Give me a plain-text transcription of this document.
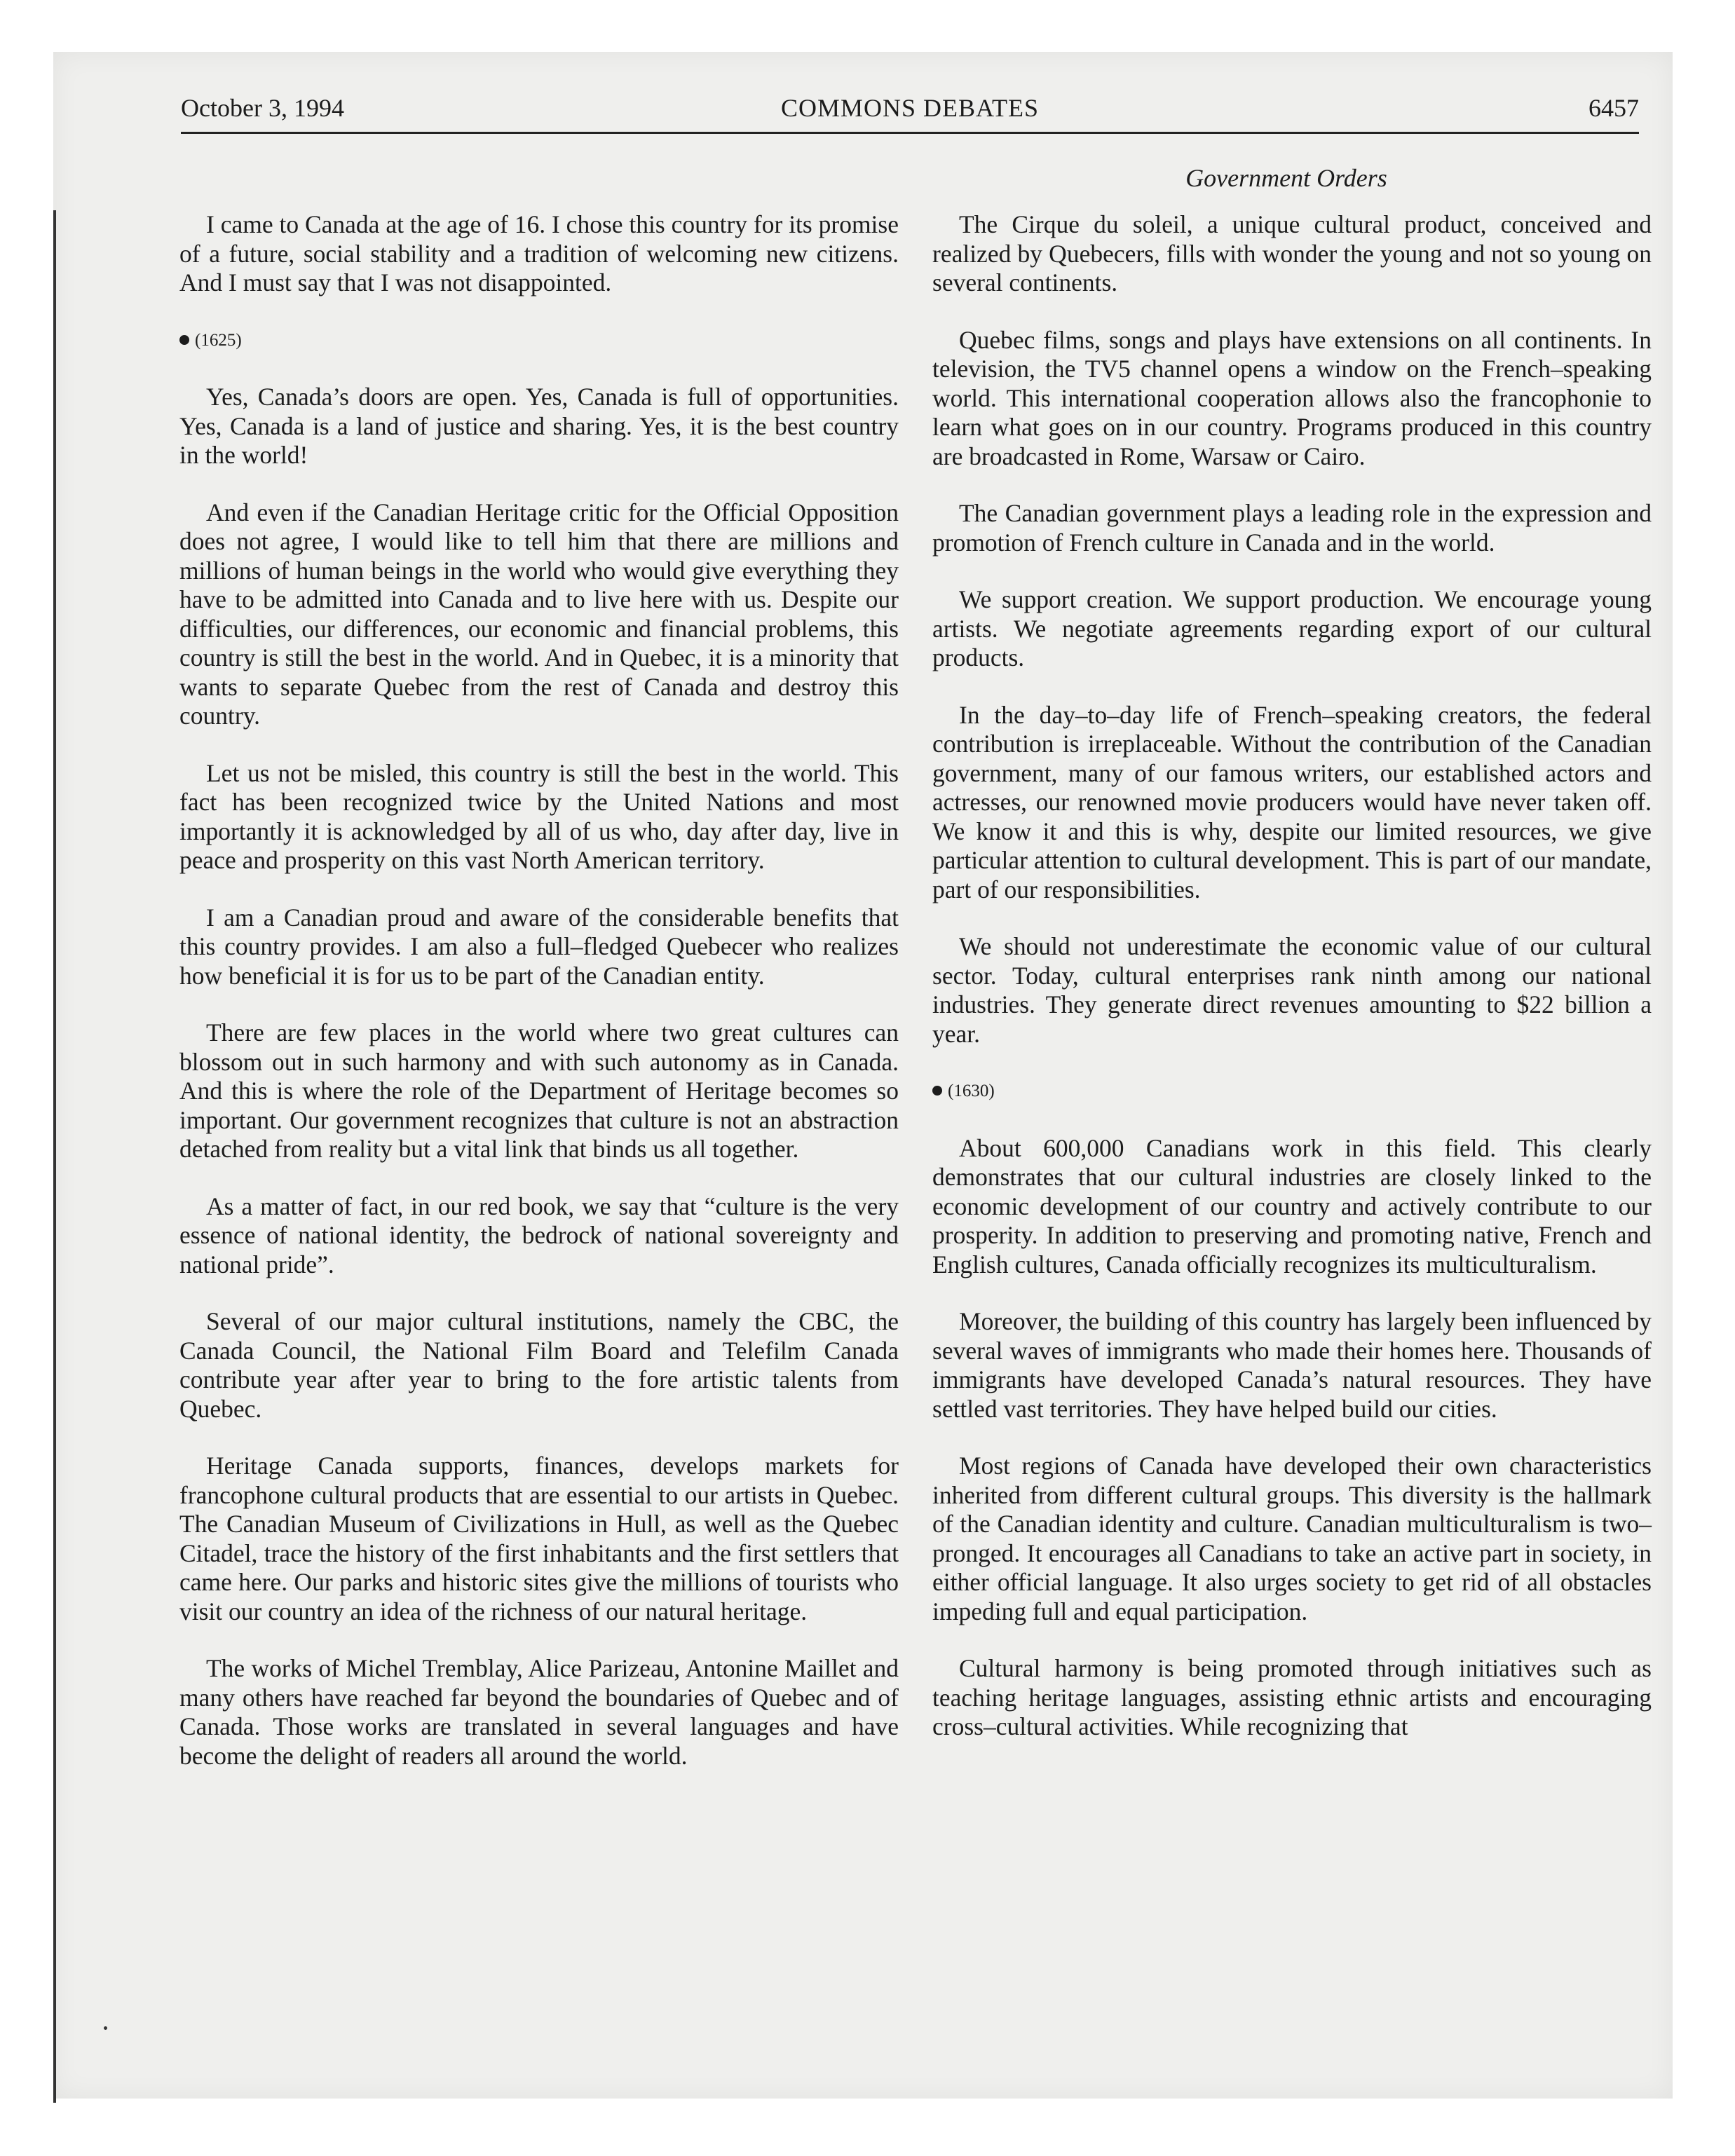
October 3, 1994	COMMONS DEBATES	6457
Government Orders

I came to Canada at the age of 16. I chose this country for its promise of a future, social stability and a tradition of welcoming new citizens. And I must say that I was not disappointed.

(1625)

Yes, Canada’s doors are open. Yes, Canada is full of opportunities. Yes, Canada is a land of justice and sharing. Yes, it is the best country in the world!

And even if the Canadian Heritage critic for the Official Opposition does not agree, I would like to tell him that there are millions and millions of human beings in the world who would give everything they have to be admitted into Canada and to live here with us. Despite our difficulties, our differences, our economic and financial problems, this country is still the best in the world. And in Quebec, it is a minority that wants to separate Quebec from the rest of Canada and destroy this country.

Let us not be misled, this country is still the best in the world. This fact has been recognized twice by the United Nations and most importantly it is acknowledged by all of us who, day after day, live in peace and prosperity on this vast North American territory.

I am a Canadian proud and aware of the considerable benefits that this country provides. I am also a full–fledged Quebecer who realizes how beneficial it is for us to be part of the Canadian entity.

There are few places in the world where two great cultures can blossom out in such harmony and with such autonomy as in Canada. And this is where the role of the Department of Heritage becomes so important. Our government recognizes that culture is not an abstraction detached from reality but a vital link that binds us all together.

As a matter of fact, in our red book, we say that “culture is the very essence of national identity, the bedrock of national sovereignty and national pride”.

Several of our major cultural institutions, namely the CBC, the Canada Council, the National Film Board and Telefilm Canada contribute year after year to bring to the fore artistic talents from Quebec.

Heritage Canada supports, finances, develops markets for francophone cultural products that are essential to our artists in Quebec. The Canadian Museum of Civilizations in Hull, as well as the Quebec Citadel, trace the history of the first inhabitants and the first settlers that came here. Our parks and historic sites give the millions of tourists who visit our country an idea of the richness of our natural heritage.

The works of Michel Tremblay, Alice Parizeau, Antonine Maillet and many others have reached far beyond the boundaries of Quebec and of Canada. Those works are translated in several languages and have become the delight of readers all around the world.

The Cirque du soleil, a unique cultural product, conceived and realized by Quebecers, fills with wonder the young and not so young on several continents.

Quebec films, songs and plays have extensions on all continents. In television, the TV5 channel opens a window on the French–speaking world. This international cooperation allows also the francophonie to learn what goes on in our country. Programs produced in this country are broadcasted in Rome, Warsaw or Cairo.

The Canadian government plays a leading role in the expression and promotion of French culture in Canada and in the world.

We support creation. We support production. We encourage young artists. We negotiate agreements regarding export of our cultural products.

In the day–to–day life of French–speaking creators, the federal contribution is irreplaceable. Without the contribution of the Canadian government, many of our famous writers, our established actors and actresses, our renowned movie producers would have never taken off. We know it and this is why, despite our limited resources, we give particular attention to cultural development. This is part of our mandate, part of our responsibilities.

We should not underestimate the economic value of our cultural sector. Today, cultural enterprises rank ninth among our national industries. They generate direct revenues amounting to $22 billion a year.

(1630)

About 600,000 Canadians work in this field. This clearly demonstrates that our cultural industries are closely linked to the economic development of our country and actively contribute to our prosperity. In addition to preserving and promoting native, French and English cultures, Canada officially recognizes its multiculturalism.

Moreover, the building of this country has largely been influenced by several waves of immigrants who made their homes here. Thousands of immigrants have developed Canada’s natural resources. They have settled vast territories. They have helped build our cities.

Most regions of Canada have developed their own characteristics inherited from different cultural groups. This diversity is the hallmark of the Canadian identity and culture. Canadian multiculturalism is two–pronged. It encourages all Canadians to take an active part in society, in either official language. It also urges society to get rid of all obstacles impeding full and equal participation.

Cultural harmony is being promoted through initiatives such as teaching heritage languages, assisting ethnic artists and encouraging cross–cultural activities. While recognizing that
